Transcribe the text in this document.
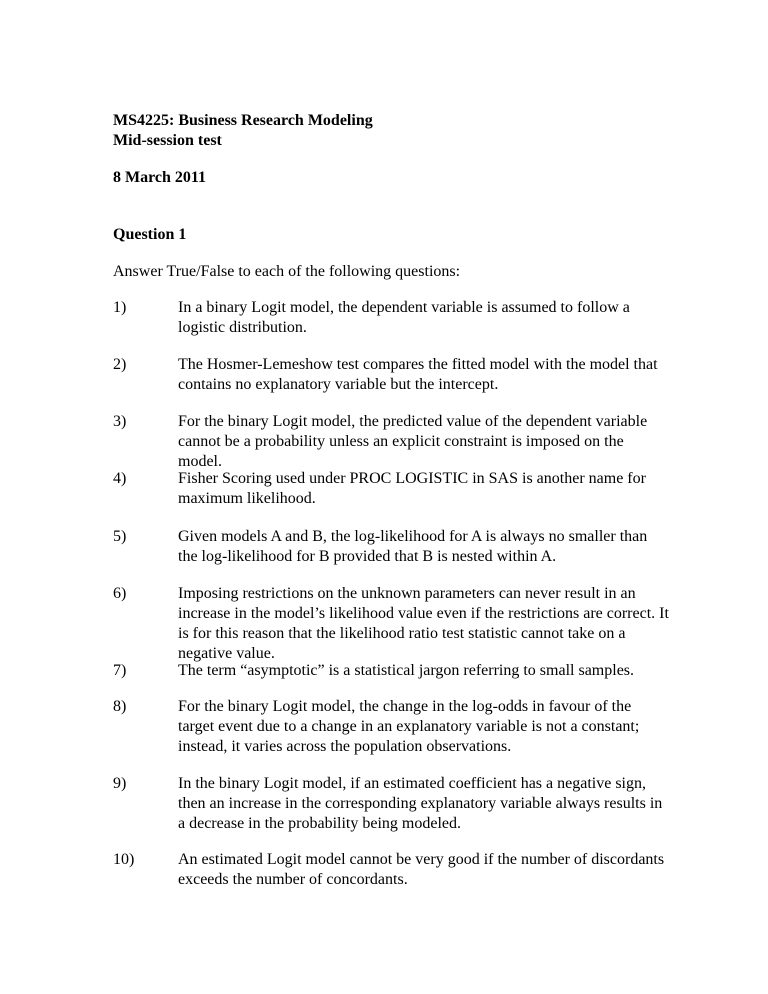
MS4225: Business Research Modeling
Mid-session test
8 March 2011
Question 1
Answer True/False to each of the following questions:
1)	In a binary Logit model, the dependent variable is assumed to follow a logistic distribution.
2)	The Hosmer-Lemeshow test compares the fitted model with the model that contains no explanatory variable but the intercept.
3)	For the binary Logit model, the predicted value of the dependent variable cannot be a probability unless an explicit constraint is imposed on the model.
4)	Fisher Scoring used under PROC LOGISTIC in SAS is another name for maximum likelihood.
5)	Given models A and B, the log-likelihood for A is always no smaller than the log-likelihood for B provided that B is nested within A.
6)	Imposing restrictions on the unknown parameters can never result in an increase in the model’s likelihood value even if the restrictions are correct. It is for this reason that the likelihood ratio test statistic cannot take on a negative value.
7)	The term “asymptotic” is a statistical jargon referring to small samples.
8)	For the binary Logit model, the change in the log-odds in favour of the target event due to a change in an explanatory variable is not a constant; instead, it varies across the population observations.
9)	In the binary Logit model, if an estimated coefficient has a negative sign, then an increase in the corresponding explanatory variable always results in a decrease in the probability being modeled.
10)	An estimated Logit model cannot be very good if the number of discordants exceeds the number of concordants.
